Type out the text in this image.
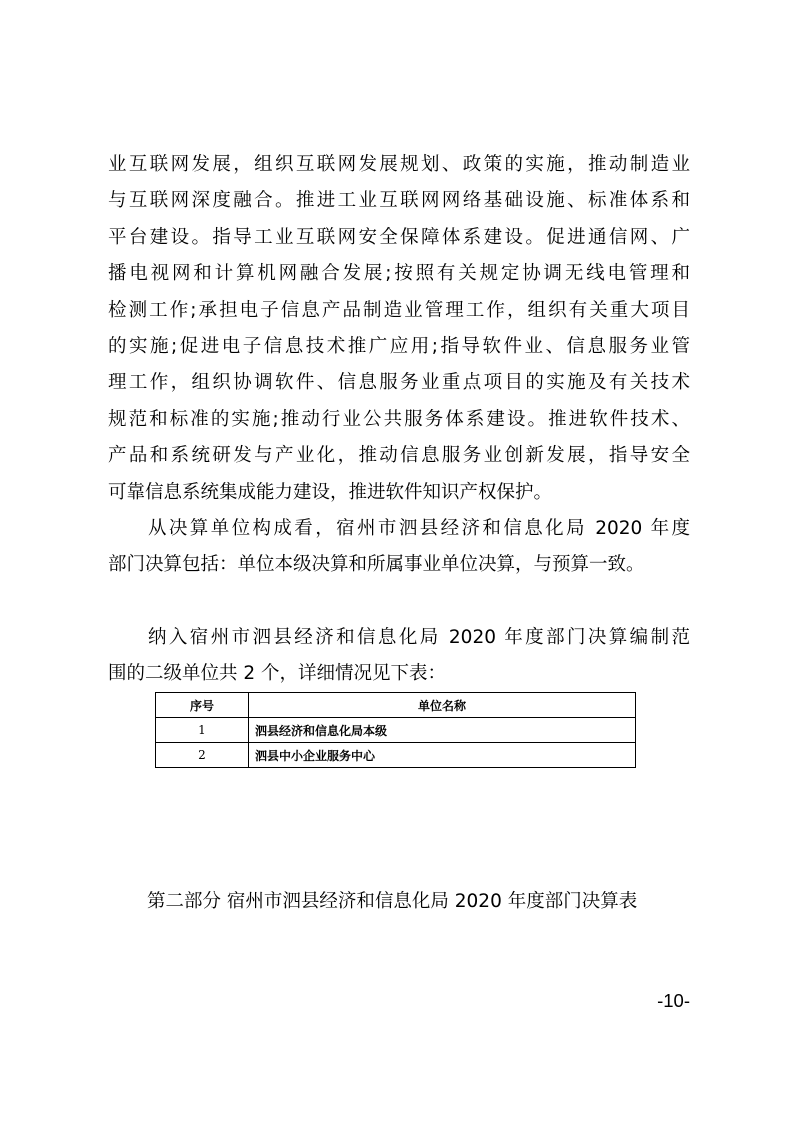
业互联网发展，组织互联网发展规划、政策的实施，推动制造业
与互联网深度融合。推进工业互联网网络基础设施、标准体系和
平台建设。指导工业互联网安全保障体系建设。促进通信网、广
播电视网和计算机网融合发展;按照有关规定协调无线电管理和
检测工作;承担电子信息产品制造业管理工作，组织有关重大项目
的实施;促进电子信息技术推广应用;指导软件业、信息服务业管
理工作，组织协调软件、信息服务业重点项目的实施及有关技术
规范和标准的实施;推动行业公共服务体系建设。推进软件技术、
产品和系统研发与产业化，推动信息服务业创新发展，指导安全
可靠信息系统集成能力建设，推进软件知识产权保护。
从决算单位构成看，宿州市泗县经济和信息化局 2020 年度
部门决算包括：单位本级决算和所属事业单位决算，与预算一致。
纳入宿州市泗县经济和信息化局 2020 年度部门决算编制范
围的二级单位共 2 个，详细情况见下表：
序号	单位名称
1	泗县经济和信息化局本级
2	泗县中小企业服务中心
第二部分 宿州市泗县经济和信息化局 2020 年度部门决算表
-10-
